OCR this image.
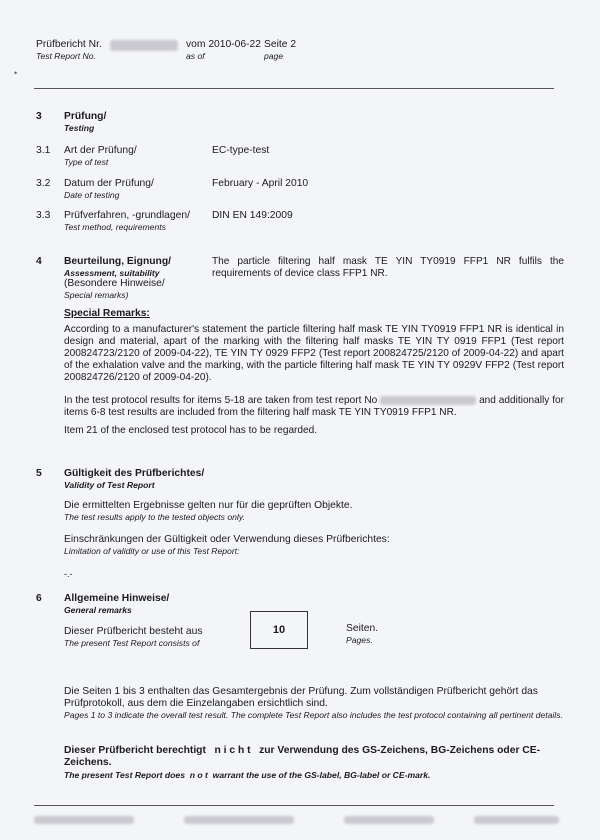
Prüfbericht Nr.
Test Report No.
vom 2010-06-22
as of
Seite 2
page
•
3 Prüfung/
Testing
3.1 Art der Prüfung/
Type of test
EC-type-test
3.2 Datum der Prüfung/
Date of testing
February - April 2010
3.3 Prüfverfahren, -grundlagen/
Test method, requirements
DIN EN 149:2009
4 Beurteilung, Eignung/
Assessment, suitability
(Besondere Hinweise/
Special remarks)
The particle filtering half mask TE YIN TY0919 FFP1 NR fulfils the requirements of device class FFP1 NR.
Special Remarks:
According to a manufacturer's statement the particle filtering half mask TE YIN TY0919 FFP1 NR is identical in design and material, apart of the marking with the filtering half masks TE YIN TY 0919 FFP1 (Test report 200824723/2120 of 2009-04-22), TE YIN TY 0929 FFP2 (Test report 200824725/2120 of 2009-04-22) and apart of the exhalation valve and the marking, with the particle filtering half mask TE YIN TY 0929V FFP2 (Test report 200824726/2120 of 2009-04-20).
In the test protocol results for items 5-18 are taken from test report No	and additionally for items 6-8 test results are included from the filtering half mask TE YIN TY0919 FFP1 NR.
Item 21 of the enclosed test protocol has to be regarded.
5 Gültigkeit des Prüfberichtes/
Validity of Test Report
Die ermittelten Ergebnisse gelten nur für die geprüften Objekte.
The test results apply to the tested objects only.
Einschränkungen der Gültigkeit oder Verwendung dieses Prüfberichtes:
Limitation of validity or use of this Test Report:
-.-
6 Allgemeine Hinweise/
General remarks
Dieser Prüfbericht besteht aus
The present Test Report consists of
10	Seiten.
Pages.
Die Seiten 1 bis 3 enthalten das Gesamtergebnis der Prüfung. Zum vollständigen Prüfbericht gehört das Prüfprotokoll, aus dem die Einzelangaben ersichtlich sind.
Pages 1 to 3 indicate the overall test result. The complete Test Report also includes the test protocol containing all pertinent details.
Dieser Prüfbericht berechtigt   n i c h t   zur Verwendung des GS-Zeichens, BG-Zeichens oder CE-Zeichens.
The present Test Report does  n o t  warrant the use of the GS-label, BG-label or CE-mark.
